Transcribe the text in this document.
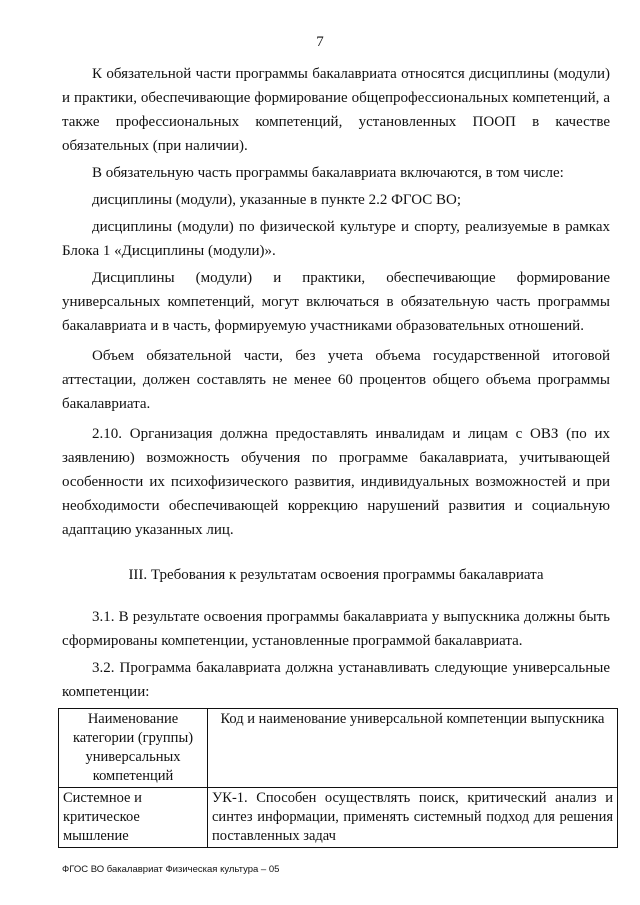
7

К обязательной части программы бакалавриата относятся дисциплины (модули) и практики, обеспечивающие формирование общепрофессиональных компетенций, а также профессиональных компетенций, установленных ПООП в качестве обязательных (при наличии).

В обязательную часть программы бакалавриата включаются, в том числе:

дисциплины (модули), указанные в пункте 2.2 ФГОС ВО;

дисциплины (модули) по физической культуре и спорту, реализуемые в рамках Блока 1 «Дисциплины (модули)».

Дисциплины (модули) и практики, обеспечивающие формирование универсальных компетенций, могут включаться в обязательную часть программы бакалавриата и в часть, формируемую участниками образовательных отношений.

Объем обязательной части, без учета объема государственной итоговой аттестации, должен составлять не менее 60 процентов общего объема программы бакалавриата.

2.10. Организация должна предоставлять инвалидам и лицам с ОВЗ (по их заявлению) возможность обучения по программе бакалавриата, учитывающей особенности их психофизического развития, индивидуальных возможностей и при необходимости обеспечивающей коррекцию нарушений развития и социальную адаптацию указанных лиц.

III. Требования к результатам освоения программы бакалавриата

3.1. В результате освоения программы бакалавриата у выпускника должны быть сформированы компетенции, установленные программой бакалавриата.

3.2. Программа бакалавриата должна устанавливать следующие универсальные компетенции:

Наименование категории (группы) универсальных компетенций	Код и наименование универсальной компетенции выпускника
Системное и критическое мышление	УК-1. Способен осуществлять поиск, критический анализ и синтез информации, применять системный подход для решения поставленных задач
ФГОС ВО бакалавриат Физическая культура – 05
